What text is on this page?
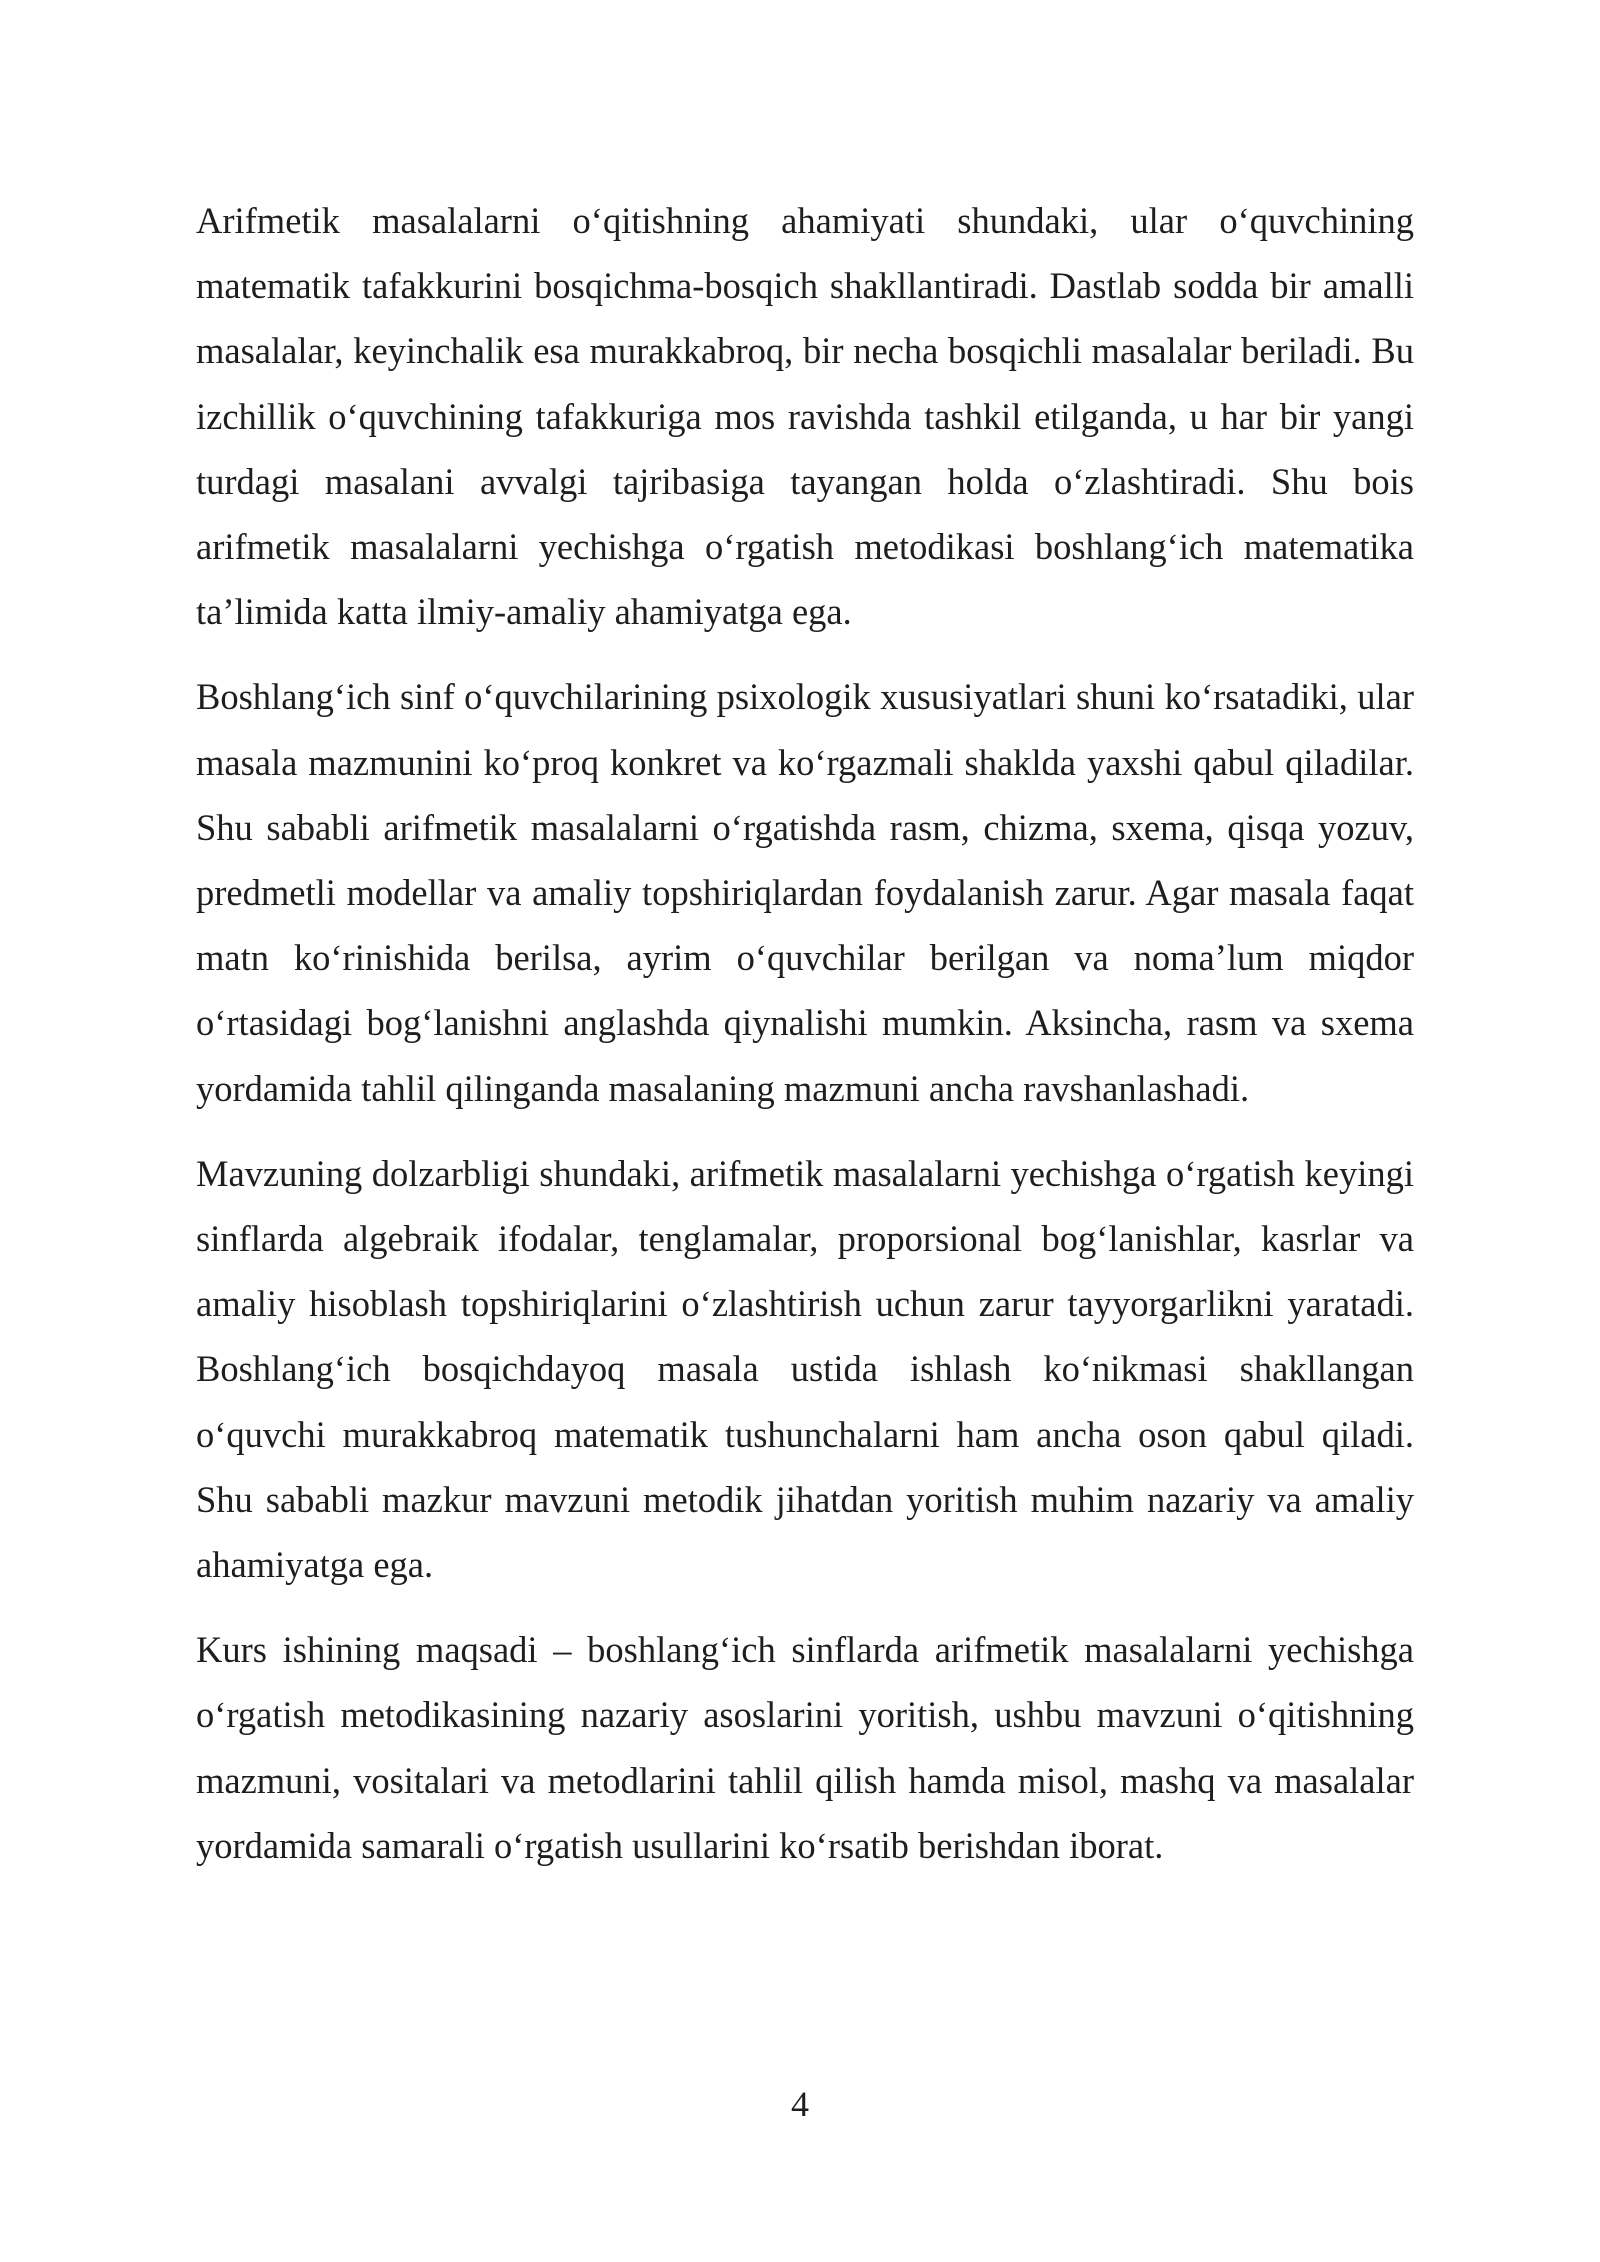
Arifmetik masalalarni o‘qitishning ahamiyati shundaki, ular o‘quvchining matematik tafakkurini bosqichma-bosqich shakllantiradi. Dastlab sodda bir amalli masalalar, keyinchalik esa murakkabroq, bir necha bosqichli masalalar beriladi. Bu izchillik o‘quvchining tafakkuriga mos ravishda tashkil etilganda, u har bir yangi turdagi masalani avvalgi tajribasiga tayangan holda o‘zlashtiradi. Shu bois arifmetik masalalarni yechishga o‘rgatish metodikasi boshlang‘ich matematika ta’limida katta ilmiy-amaliy ahamiyatga ega.

Boshlang‘ich sinf o‘quvchilarining psixologik xususiyatlari shuni ko‘rsatadiki, ular masala mazmunini ko‘proq konkret va ko‘rgazmali shaklda yaxshi qabul qiladilar. Shu sababli arifmetik masalalarni o‘rgatishda rasm, chizma, sxema, qisqa yozuv, predmetli modellar va amaliy topshiriqlardan foydalanish zarur. Agar masala faqat matn ko‘rinishida berilsa, ayrim o‘quvchilar berilgan va noma’lum miqdor o‘rtasidagi bog‘lanishni anglashda qiynalishi mumkin. Aksincha, rasm va sxema yordamida tahlil qilinganda masalaning mazmuni ancha ravshanlashadi.

Mavzuning dolzarbligi shundaki, arifmetik masalalarni yechishga o‘rgatish keyingi sinflarda algebraik ifodalar, tenglamalar, proporsional bog‘lanishlar, kasrlar va amaliy hisoblash topshiriqlarini o‘zlashtirish uchun zarur tayyorgarlikni yaratadi. Boshlang‘ich bosqichdayoq masala ustida ishlash ko‘nikmasi shakllangan o‘quvchi murakkabroq matematik tushunchalarni ham ancha oson qabul qiladi. Shu sababli mazkur mavzuni metodik jihatdan yoritish muhim nazariy va amaliy ahamiyatga ega.

Kurs ishining maqsadi – boshlang‘ich sinflarda arifmetik masalalarni yechishga o‘rgatish metodikasining nazariy asoslarini yoritish, ushbu mavzuni o‘qitishning mazmuni, vositalari va metodlarini tahlil qilish hamda misol, mashq va masalalar yordamida samarali o‘rgatish usullarini ko‘rsatib berishdan iborat.

4
